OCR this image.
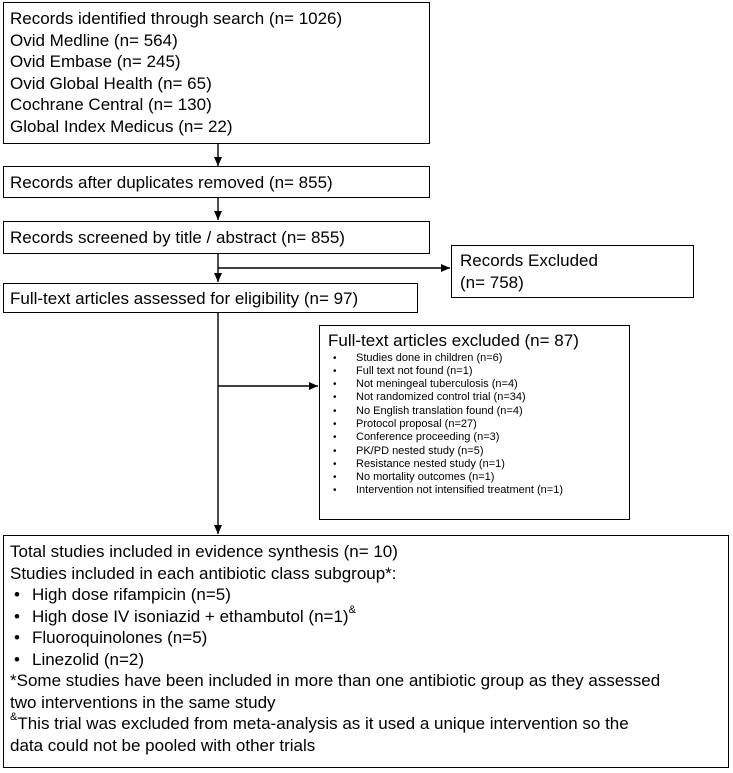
Records identified through search (n= 1026)
Ovid Medline (n= 564)
Ovid Embase (n= 245)
Ovid Global Health (n= 65)
Cochrane Central (n= 130)
Global Index Medicus (n= 22)
Records after duplicates removed (n= 855)
Records screened by title / abstract (n= 855)
Records Excluded
(n= 758)
Full-text articles assessed for eligibility (n= 97)
Full-text articles excluded (n= 87)
• Studies done in children (n=6)
• Full text not found (n=1)
• Not meningeal tuberculosis (n=4)
• Not randomized control trial (n=34)
• No English translation found (n=4)
• Protocol proposal (n=27)
• Conference proceeding (n=3)
• PK/PD nested study (n=5)
• Resistance nested study (n=1)
• No mortality outcomes (n=1)
• Intervention not intensified treatment (n=1)
Total studies included in evidence synthesis (n= 10)
Studies included in each antibiotic class subgroup*:
• High dose rifampicin (n=5)
• High dose IV isoniazid + ethambutol (n=1)&
• Fluoroquinolones (n=5)
• Linezolid (n=2)
*Some studies have been included in more than one antibiotic group as they assessed
two interventions in the same study
&This trial was excluded from meta-analysis as it used a unique intervention so the
data could not be pooled with other trials
